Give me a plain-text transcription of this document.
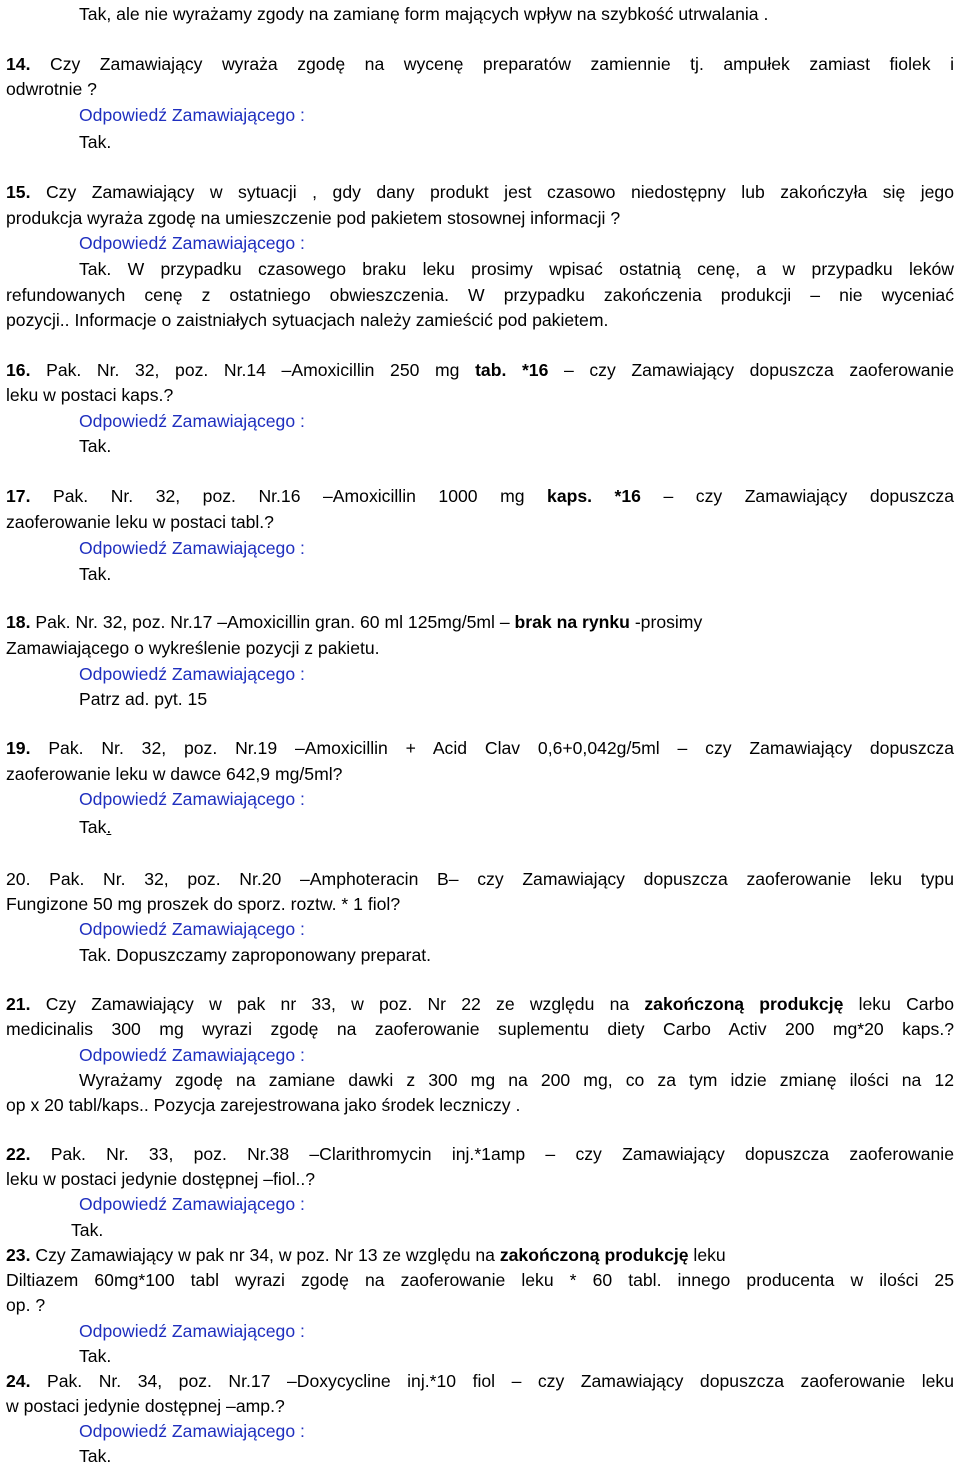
Tak, ale nie wyrażamy zgody na zamianę form mających wpływ na szybkość utrwalania .
14. Czy Zamawiający wyraża zgodę na wycenę preparatów zamiennie tj. ampułek zamiast fiolek i
odwrotnie ?
Odpowiedź Zamawiającego :
Tak.
15. Czy Zamawiający w sytuacji , gdy dany produkt jest czasowo niedostępny lub zakończyła się jego
produkcja wyraża zgodę na umieszczenie pod pakietem stosownej informacji ?
Odpowiedź Zamawiającego :
Tak. W przypadku czasowego braku leku prosimy wpisać ostatnią cenę, a w przypadku leków
refundowanych cenę z ostatniego obwieszczenia. W przypadku zakończenia produkcji – nie wyceniać
pozycji.. Informacje o zaistniałych sytuacjach należy zamieścić pod pakietem.
16. Pak. Nr. 32, poz. Nr.14 –Amoxicillin 250 mg tab. *16 – czy Zamawiający dopuszcza zaoferowanie
leku w postaci kaps.?
Odpowiedź Zamawiającego :
Tak.
17. Pak. Nr. 32, poz. Nr.16 –Amoxicillin 1000 mg kaps. *16 – czy Zamawiający dopuszcza
zaoferowanie leku w postaci tabl.?
Odpowiedź Zamawiającego :
Tak.
18. Pak. Nr. 32, poz. Nr.17 –Amoxicillin gran. 60 ml 125mg/5ml – brak na rynku -prosimy
Zamawiającego o wykreślenie pozycji z pakietu.
Odpowiedź Zamawiającego :
Patrz ad. pyt. 15
19. Pak. Nr. 32, poz. Nr.19 –Amoxicillin + Acid Clav 0,6+0,042g/5ml – czy Zamawiający dopuszcza
zaoferowanie leku w dawce 642,9 mg/5ml?
Odpowiedź Zamawiającego :
Tak.
20. Pak. Nr. 32, poz. Nr.20 –Amphoteracin B– czy Zamawiający dopuszcza zaoferowanie leku typu
Fungizone 50 mg proszek do sporz. roztw. * 1 fiol?
Odpowiedź Zamawiającego :
Tak. Dopuszczamy zaproponowany preparat.
21. Czy Zamawiający w pak nr 33, w poz. Nr 22 ze względu na zakończoną produkcję leku Carbo
medicinalis 300 mg wyrazi zgodę na zaoferowanie suplementu diety Carbo Activ 200 mg*20 kaps.?
Odpowiedź Zamawiającego :
Wyrażamy zgodę na zamiane dawki z 300 mg na 200 mg, co za tym idzie zmianę ilości na 12
op x 20 tabl/kaps.. Pozycja zarejestrowana jako środek leczniczy .
22. Pak. Nr. 33, poz. Nr.38 –Clarithromycin inj.*1amp – czy Zamawiający dopuszcza zaoferowanie
leku w postaci jedynie dostępnej –fiol..?
Odpowiedź Zamawiającego :
Tak.
23. Czy Zamawiający w pak nr 34, w poz. Nr 13 ze względu na zakończoną produkcję leku
Diltiazem 60mg*100 tabl wyrazi zgodę na zaoferowanie leku * 60 tabl. innego producenta w ilości 25
op. ?
Odpowiedź Zamawiającego :
Tak.
24. Pak. Nr. 34, poz. Nr.17 –Doxycycline inj.*10 fiol – czy Zamawiający dopuszcza zaoferowanie leku
w postaci jedynie dostępnej –amp.?
Odpowiedź Zamawiającego :
Tak.
